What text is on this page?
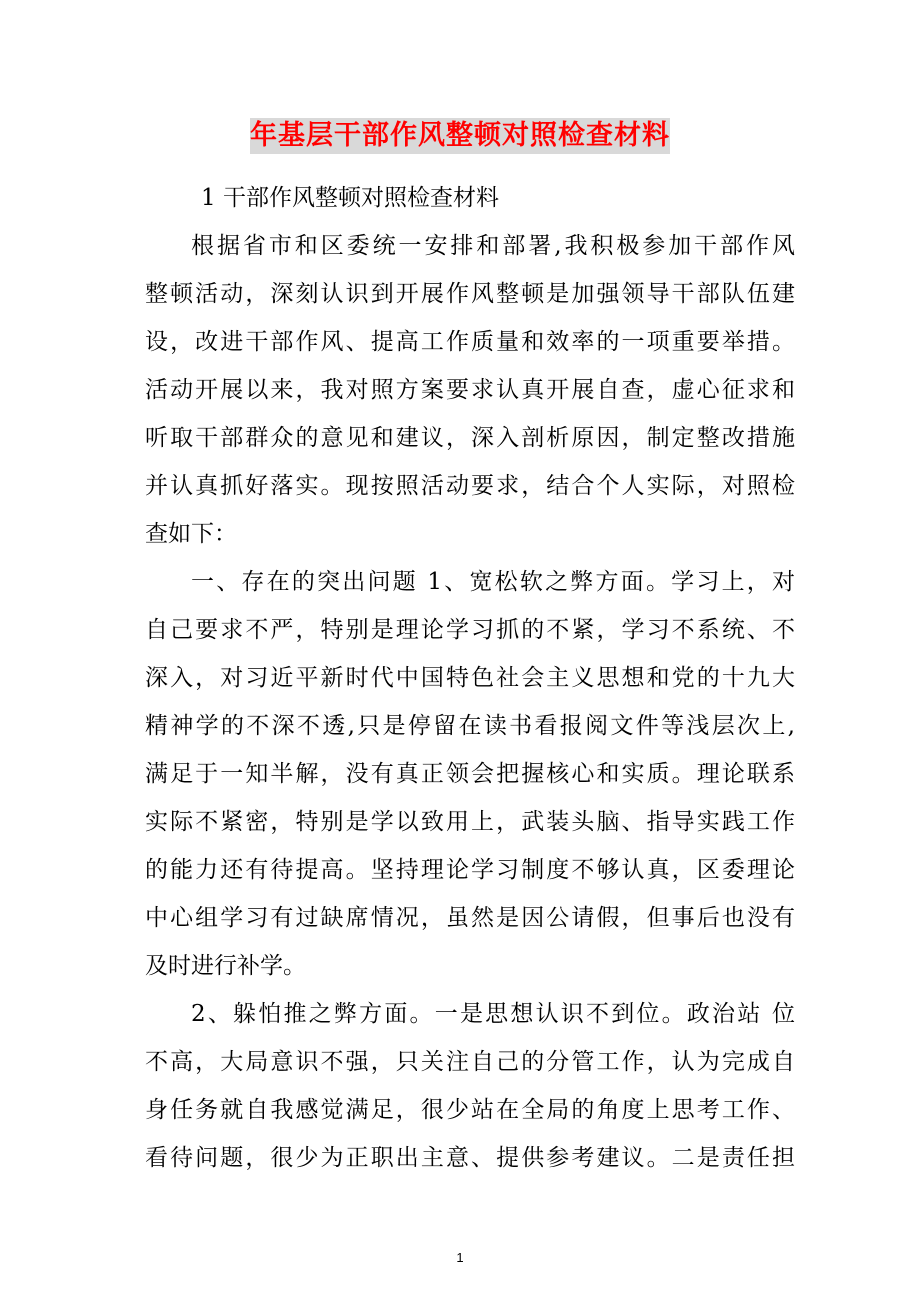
年基层干部作风整顿对照检查材料
1 干部作风整顿对照检查材料
根据省市和区委统一安排和部署,我积极参加干部作风
整顿活动，深刻认识到开展作风整顿是加强领导干部队伍建
设，改进干部作风、提高工作质量和效率的一项重要举措。
活动开展以来，我对照方案要求认真开展自查，虚心征求和
听取干部群众的意见和建议，深入剖析原因，制定整改措施
并认真抓好落实。现按照活动要求，结合个人实际，对照检
查如下：
一、存在的突出问题 1、宽松软之弊方面。学习上，对
自己要求不严，特别是理论学习抓的不紧，学习不系统、不
深入，对习近平新时代中国特色社会主义思想和党的十九大
精神学的不深不透,只是停留在读书看报阅文件等浅层次上,
满足于一知半解，没有真正领会把握核心和实质。理论联系
实际不紧密，特别是学以致用上，武装头脑、指导实践工作
的能力还有待提高。坚持理论学习制度不够认真，区委理论
中心组学习有过缺席情况，虽然是因公请假，但事后也没有
及时进行补学。
2、躲怕推之弊方面。一是思想认识不到位。政治站 位
不高，大局意识不强，只关注自己的分管工作，认为完成自
身任务就自我感觉满足，很少站在全局的角度上思考工作、
看待问题，很少为正职出主意、提供参考建议。二是责任担
1
